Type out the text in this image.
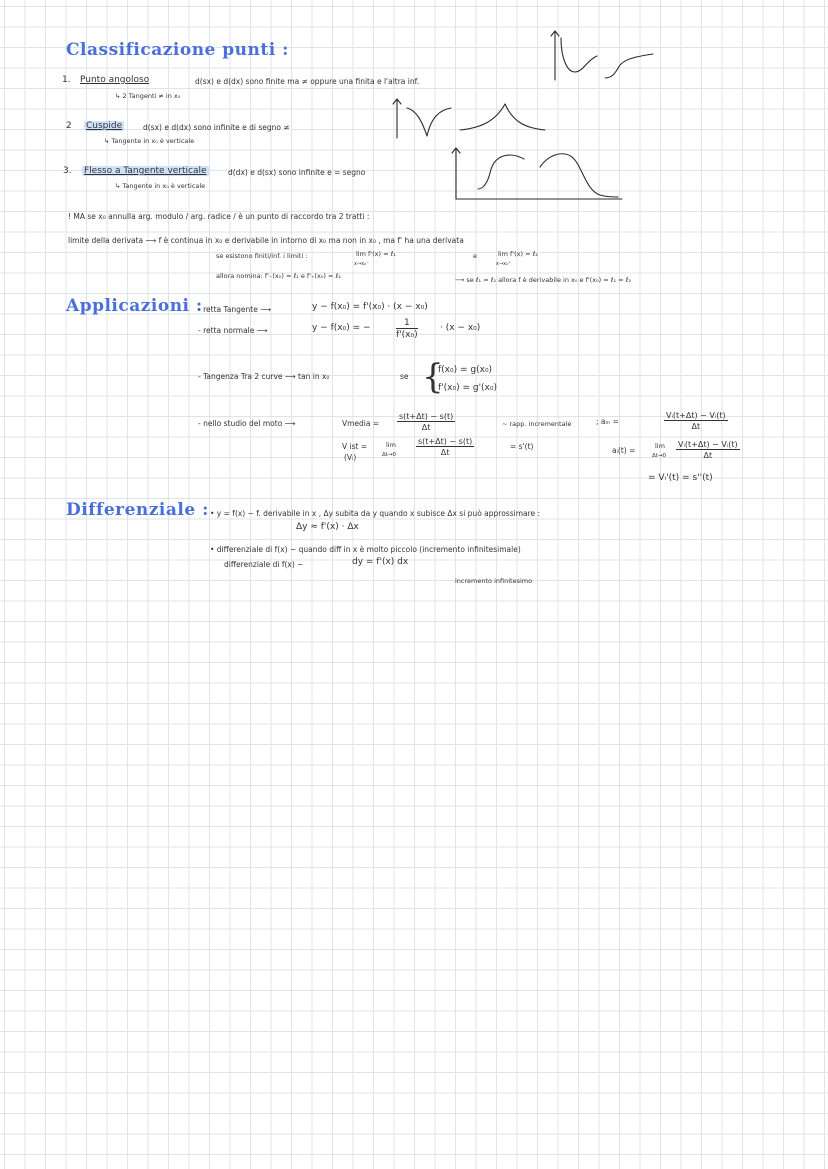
Classificazione punti :
1. Punto angoloso	d(sx) e d(dx) sono finite ma ≠ oppure una finita e l'altra inf.
↳ 2 Tangenti ≠ in x₀
2 Cuspide	d(sx) e d(dx) sono infinite e di segno ≠
↳ Tangente in x₀ è verticale
3. Flesso a Tangente verticale	d(dx) e d(sx) sono infinite e = segno
↳ Tangente in x₀ è verticale
! MA se x₀ annulla arg. modulo / arg. radice / è un punto di raccordo tra 2 tratti :
limite della derivata ⟶ f è continua in x₀ e derivabile in intorno di x₀ ma non in x₀ , ma f' ha una derivata
se esistono finiti/inf. i limiti :	lim f'(x) = ℓ₁
x→x₀⁻
e	lim f'(x) = ℓ₂
x→x₀⁺
allora nomina: f'₋(x₀) = ℓ₁ e f'₊(x₀) = ℓ₂	⟶ se ℓ₁ = ℓ₂ allora f è derivabile in x₀ e f'(x₀) = ℓ₁ = ℓ₂
Applicazioni :
- retta Tangente ⟶	y − f(x₀) = f'(x₀) · (x − x₀)
- retta normale ⟶	y − f(x₀) = −	$\frac{1}{\text{f'(x₀)}} \cdot (x - x_0)$
- Tangenza Tra 2 curve ⟶ tan in x₀	se {
f(x₀) = g(x₀)
f'(x₀) = g'(x₀)
- nello studio del moto ⟶	Vmedia = $\frac{s(t+\Delta t) - s(t)}{\Delta t}$	~ rapp. incrementale
V ist =
(Vᵢ)
lim
$\Delta t\to 0 \frac{s(t+\Delta t) - s(t)}{\Delta t}$	= s'(t)
; aₘ =	$\frac{\text{Vᵢ(t+Δt) − Vᵢ(t)}}{\Delta t}$
aᵢ(t) =	lim
$\Delta t\to 0 \frac{\text{Vᵢ(t+Δt) − Vᵢ(t)}}{\Delta t}$
= Vᵢ'(t) = s''(t)
Differenziale : • y = f(x) ~ f. derivabile in x , Δy subita da y quando x subisce Δx si può approssimare :
Δy ≈ f'(x) · Δx
• differenziale di f(x) ~ quando diff in x è molto piccolo (incremento infinitesimale)
differenziale di f(x) ~	dy = f'(x) dx
incremento infinitesimo
